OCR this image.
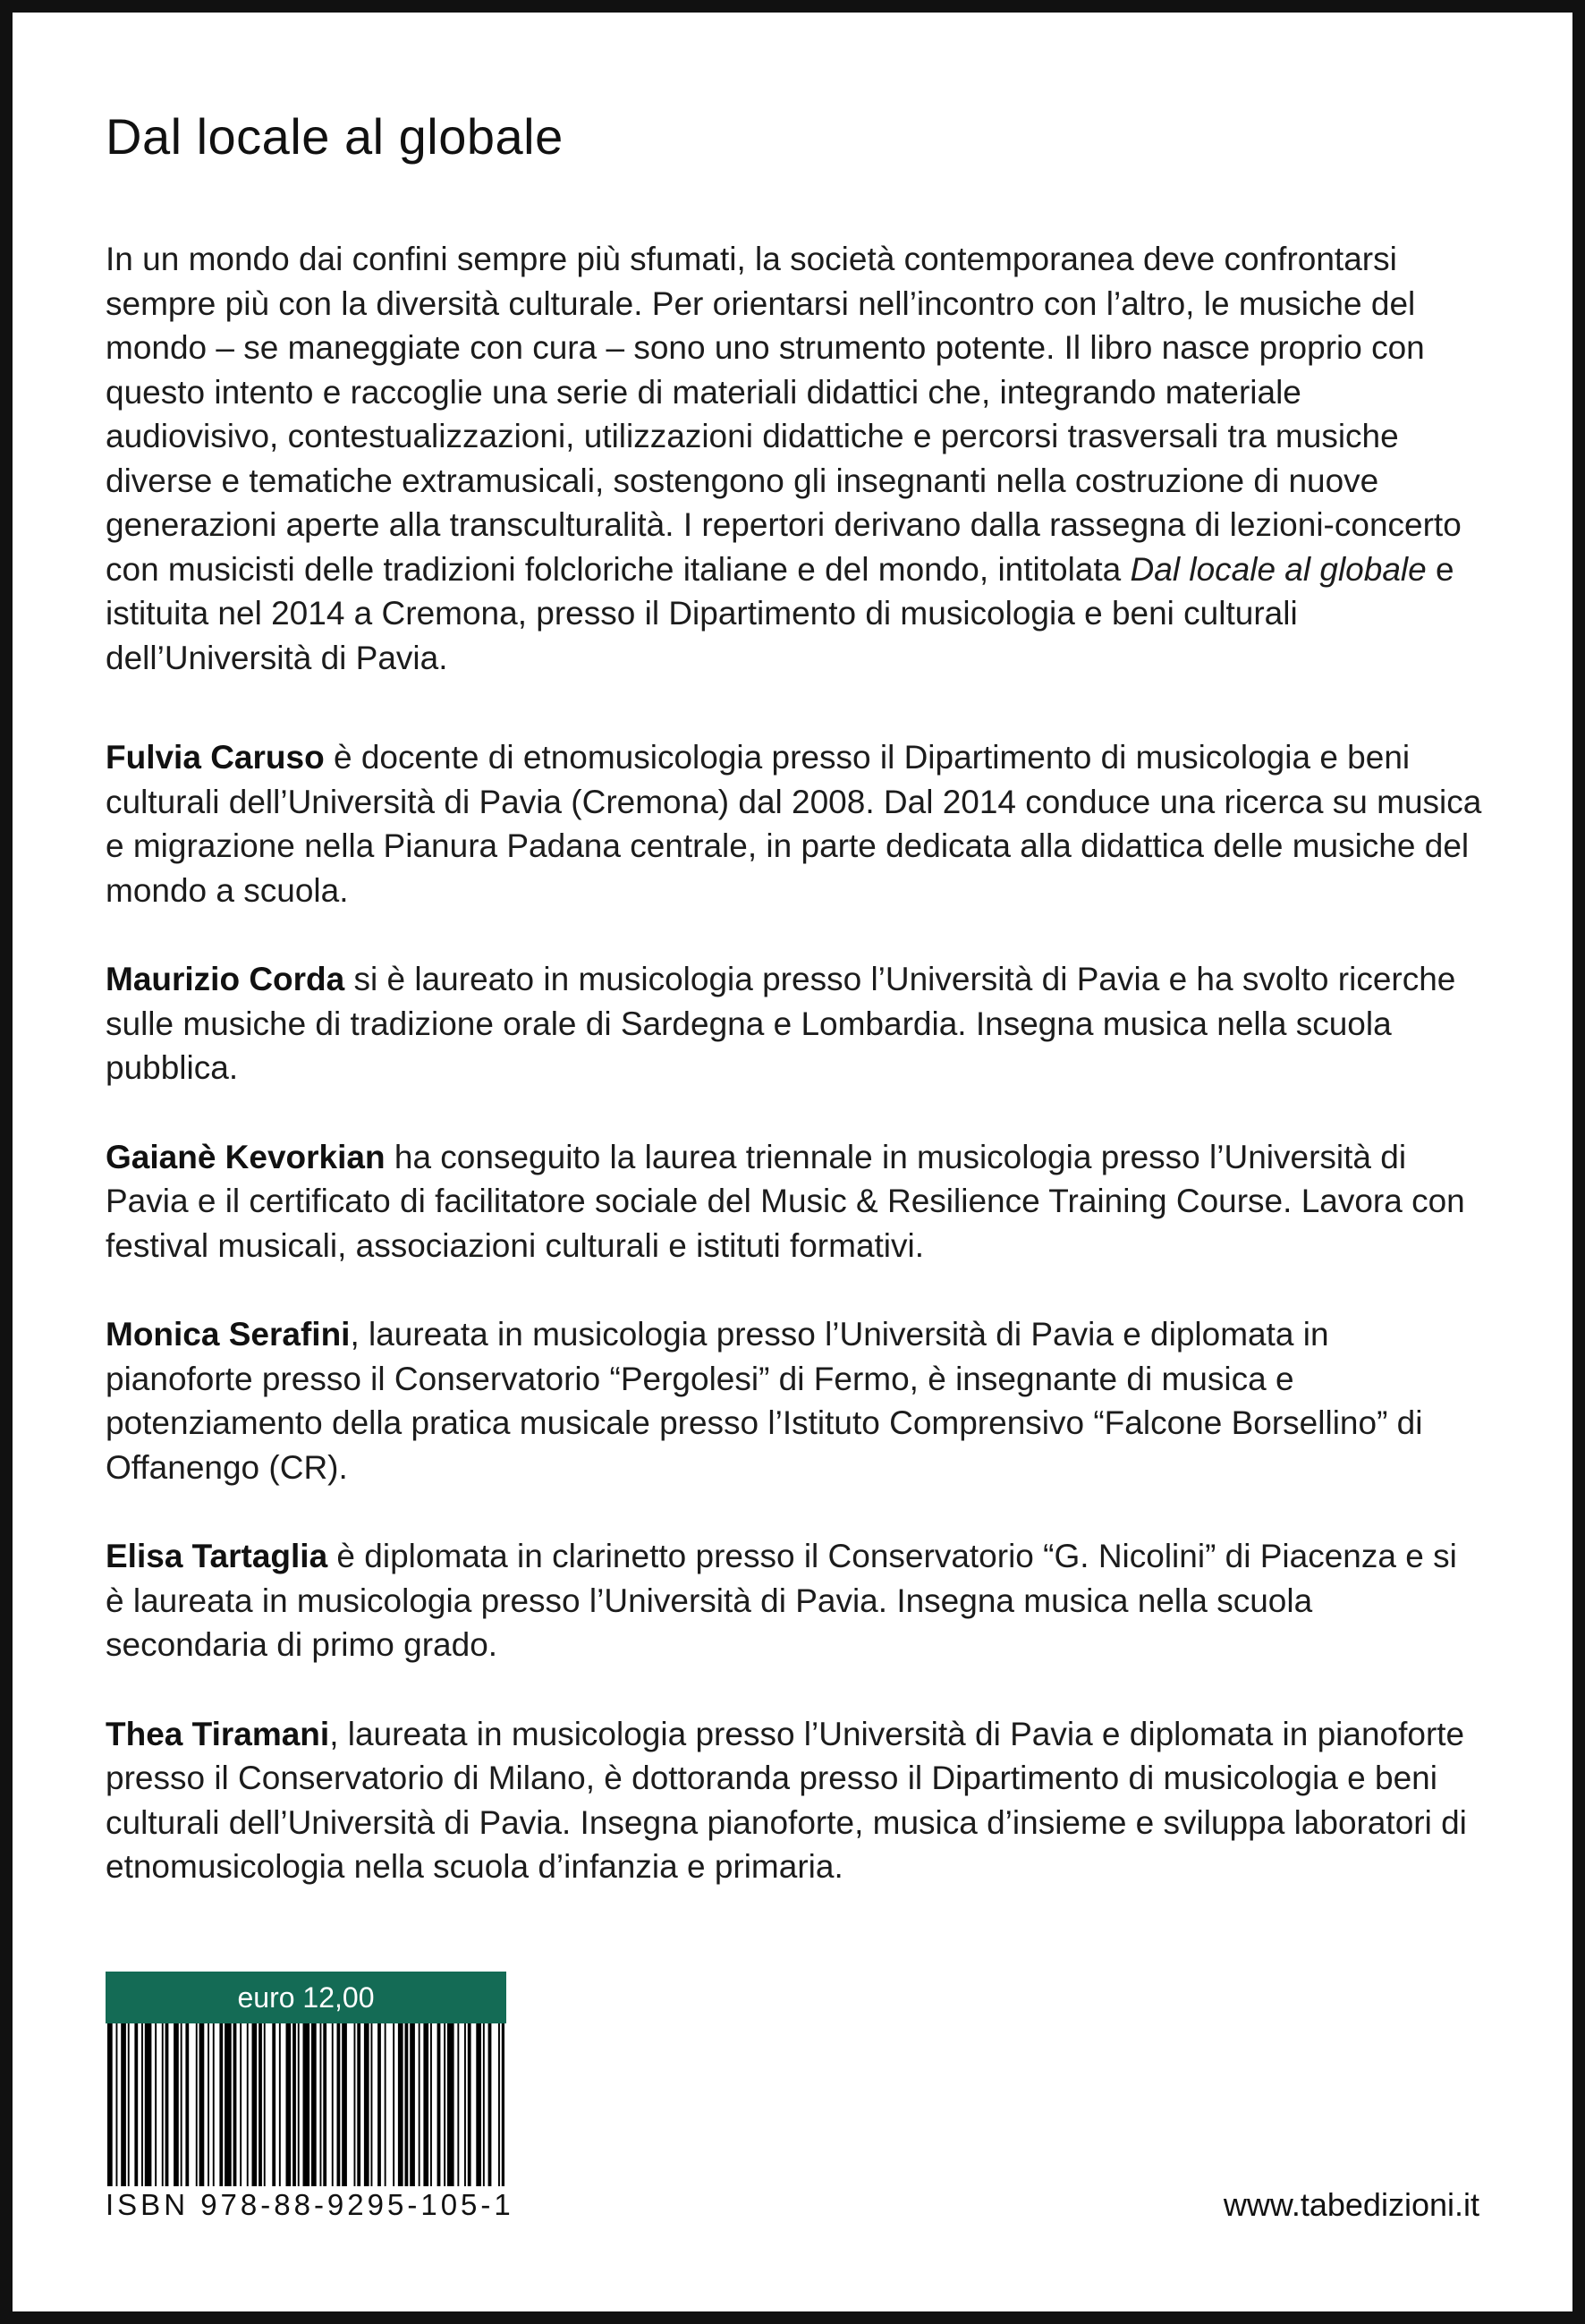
Dal locale al globale

In un mondo dai confini sempre più sfumati, la società contemporanea deve confrontarsi sempre più con la diversità culturale. Per orientarsi nell’incontro con l’altro, le musiche del mondo – se maneggiate con cura – sono uno strumento potente. Il libro nasce proprio con questo intento e raccoglie una serie di materiali didattici che, integrando materiale audiovisivo, contestualizzazioni, utilizzazioni didattiche e percorsi trasversali tra musiche diverse e tematiche extramusicali, sostengono gli insegnanti nella costruzione di nuove generazioni aperte alla transculturalità. I repertori derivano dalla rassegna di lezioni-concerto con musicisti delle tradizioni folcloriche italiane e del mondo, intitolata Dal locale al globale e istituita nel 2014 a Cremona, presso il Dipartimento di musicologia e beni culturali dell’Università di Pavia.

Fulvia Caruso è docente di etnomusicologia presso il Dipartimento di musicologia e beni culturali dell’Università di Pavia (Cremona) dal 2008. Dal 2014 conduce una ricerca su musica e migrazione nella Pianura Padana centrale, in parte dedicata alla didattica delle musiche del mondo a scuola.

Maurizio Corda si è laureato in musicologia presso l’Università di Pavia e ha svolto ricerche sulle musiche di tradizione orale di Sardegna e Lombardia. Insegna musica nella scuola pubblica.

Gaianè Kevorkian ha conseguito la laurea triennale in musicologia presso l’Università di Pavia e il certificato di facilitatore sociale del Music & Resilience Training Course. Lavora con festival musicali, associazioni culturali e istituti formativi.

Monica Serafini, laureata in musicologia presso l’Università di Pavia e diplomata in pianoforte presso il Conservatorio “Pergolesi” di Fermo, è insegnante di musica e potenziamento della pratica musicale presso l’Istituto Comprensivo “Falcone Borsellino” di Offanengo (CR).

Elisa Tartaglia è diplomata in clarinetto presso il Conservatorio “G. Nicolini” di Piacenza e si è laureata in musicologia presso l’Università di Pavia. Insegna musica nella scuola secondaria di primo grado.

Thea Tiramani, laureata in musicologia presso l’Università di Pavia e diplomata in pianoforte presso il Conservatorio di Milano, è dottoranda presso il Dipartimento di musicologia e beni culturali dell’Università di Pavia. Insegna pianoforte, musica d’insieme e sviluppa laboratori di etnomusicologia nella scuola d’infanzia e primaria.

euro 12,00
ISBN 978-88-9295-105-1	www.tabedizioni.it
